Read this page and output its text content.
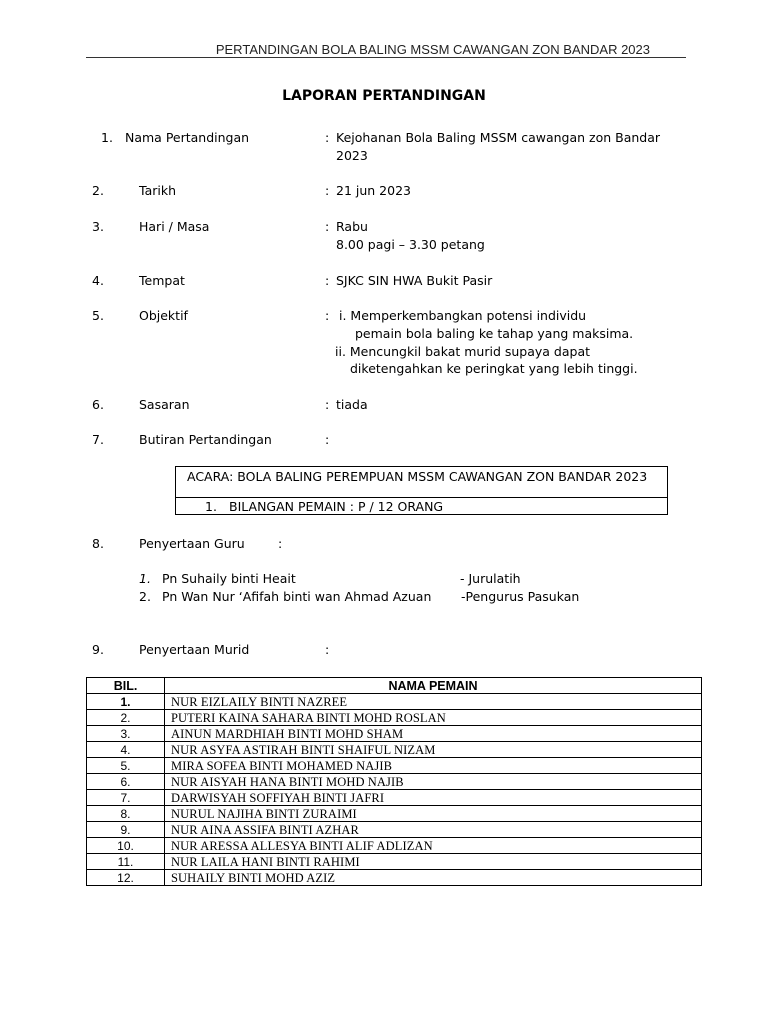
PERTANDINGAN BOLA BALING MSSM CAWANGAN ZON BANDAR 2023
LAPORAN PERTANDINGAN
1. Nama Pertandingan	: Kejohanan Bola Baling MSSM cawangan zon Bandar
2023
2.	Tarikh	: 21 jun 2023
3.	Hari / Masa	: Rabu
8.00 pagi – 3.30 petang
4.	Tempat	: SJKC SIN HWA Bukit Pasir
5.	Objektif	: i. Memperkembangkan potensi individu
pemain bola baling ke tahap yang maksima.
ii. Mencungkil bakat murid supaya dapat
diketengahkan ke peringkat yang lebih tinggi.
6.	Sasaran	: tiada
7.	Butiran Pertandingan	:
ACARA: BOLA BALING PEREMPUAN MSSM CAWANGAN ZON BANDAR 2023
1. BILANGAN PEMAIN : P / 12 ORANG
8.	Penyertaan Guru	:
1. Pn Suhaily binti Heait	- Jurulatih
2. Pn Wan Nur ‘Afifah binti wan Ahmad Azuan -Pengurus Pasukan
9.	Penyertaan Murid	:
BIL.	NAMA PEMAIN
1.	NUR EIZLAILY BINTI NAZREE
2.	PUTERI KAINA SAHARA BINTI MOHD ROSLAN
3.	AINUN MARDHIAH BINTI MOHD SHAM
4.	NUR ASYFA ASTIRAH BINTI SHAIFUL NIZAM
5.	MIRA SOFEA BINTI MOHAMED NAJIB
6.	NUR AISYAH HANA BINTI MOHD NAJIB
7.	DARWISYAH SOFFIYAH BINTI JAFRI
8.	NURUL NAJIHA BINTI ZURAIMI
9.	NUR AINA ASSIFA BINTI AZHAR
10.	NUR ARESSA ALLESYA BINTI ALIF ADLIZAN
11.	NUR LAILA HANI BINTI RAHIMI
12.	SUHAILY BINTI MOHD AZIZ
